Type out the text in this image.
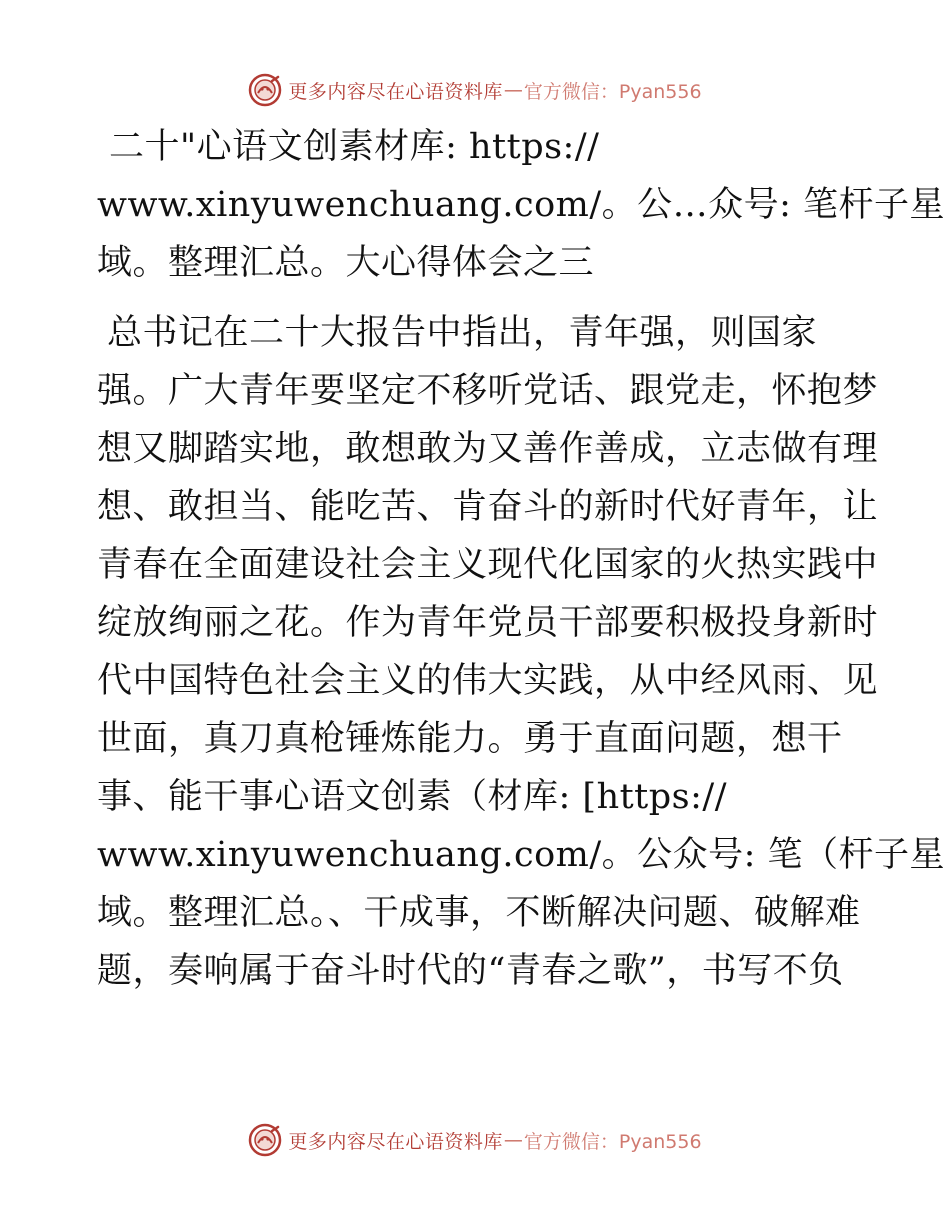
更多内容尽在心语资料库 — 官方微信：Pyan556
二十"心语文创素材库: https://
www.xinyuwenchuang.com/。公…众号: 笔杆子星
域。整理汇总。大心得体会之三
总书记在二十大报告中指出，青年强，则国家
强。广大青年要坚定不移听党话、跟党走，怀抱梦
想又脚踏实地，敢想敢为又善作善成，立志做有理
想、敢担当、能吃苦、肯奋斗的新时代好青年，让
青春在全面建设社会主义现代化国家的火热实践中
绽放绚丽之花。作为青年党员干部要积极投身新时
代中国特色社会主义的伟大实践，从中经风雨、见
世面，真刀真枪锤炼能力。勇于直面问题，想干
事、能干事心语文创素（材库: [https://
www.xinyuwenchuang.com/。公众号: 笔（杆子星
域。整理汇总。、干成事，不断解决问题、破解难
题，奏响属于奋斗时代的“青春之歌”，书写不负
更多内容尽在心语资料库 — 官方微信：Pyan556
